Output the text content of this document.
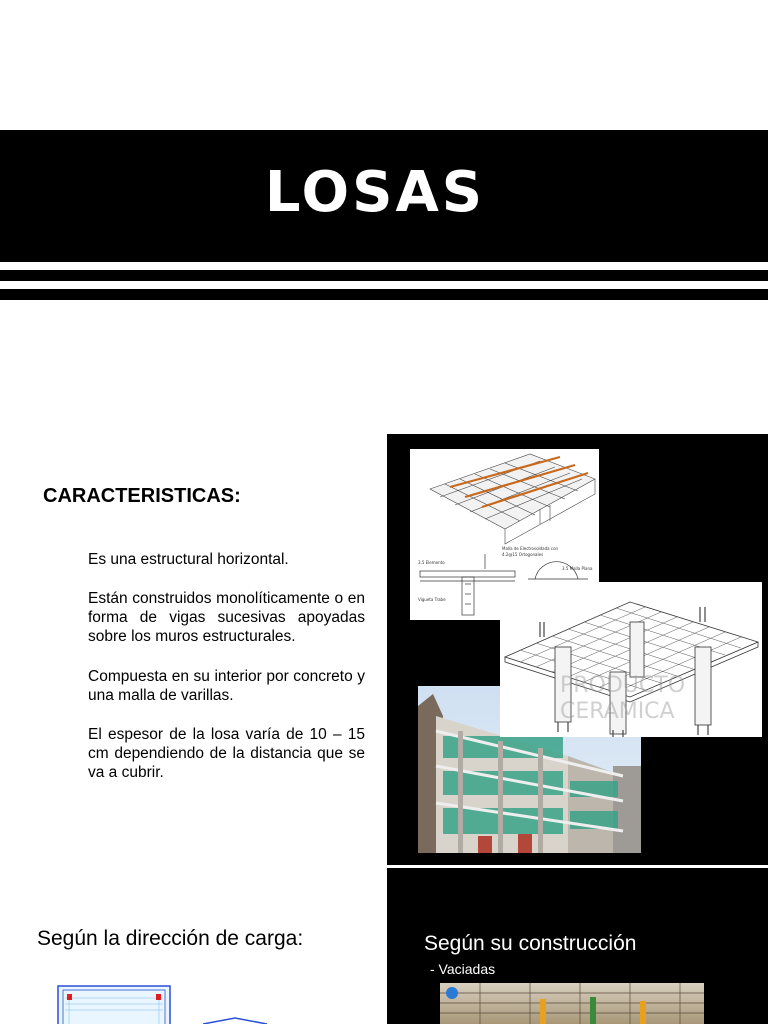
LOSAS
CARACTERISTICAS:
Es una estructural horizontal.
Están construidos monolíticamente o en forma de vigas sucesivas apoyadas sobre los muros estructurales.
Compuesta en su interior por concreto y una malla de varillas.
El espesor de la losa varía de 10 – 15 cm dependiendo de la distancia que se va a cubrir.
Malla de Electrosoldada con
4.2@15 Ortogonales
3.5 Elemento
3.5 Malla Plana
Vigueta Trabe
PRODUCTO
CERAMICA
Según la dirección de carga:	Según su construcción
- Vaciadas
